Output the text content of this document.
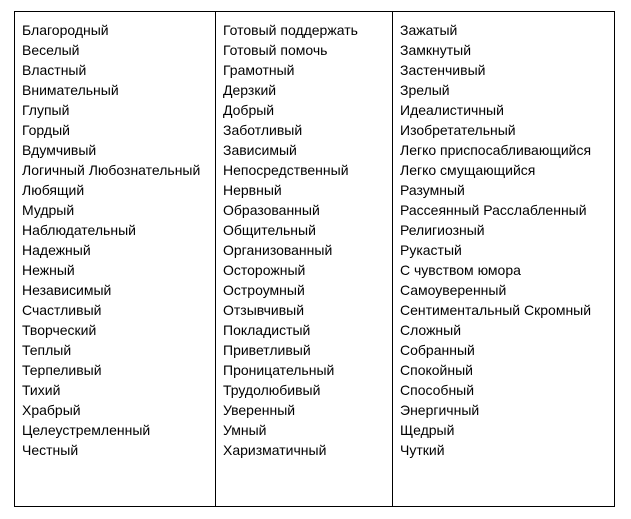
Благородный
Веселый
Властный
Внимательный
Глупый
Гордый
Вдумчивый
Логичный Любознательный
Любящий
Мудрый
Наблюдательный
Надежный
Нежный
Независимый
Счастливый
Творческий
Теплый
Терпеливый
Тихий
Храбрый
Целеустремленный
Честный
Готовый поддержать
Готовый помочь
Грамотный
Дерзкий
Добрый
Заботливый
Зависимый
Непосредственный
Нервный
Образованный
Общительный
Организованный
Осторожный
Остроумный
Отзывчивый
Покладистый
Приветливый
Проницательный
Трудолюбивый
Уверенный
Умный
Харизматичный
Зажатый
Замкнутый
Застенчивый
Зрелый
Идеалистичный
Изобретательный
Легко приспосабливающийся
Легко смущающийся
Разумный
Рассеянный Расслабленный
Религиозный
Рукастый
С чувством юмора
Самоуверенный
Сентиментальный Скромный
Сложный
Собранный
Спокойный
Способный
Энергичный
Щедрый
Чуткий
